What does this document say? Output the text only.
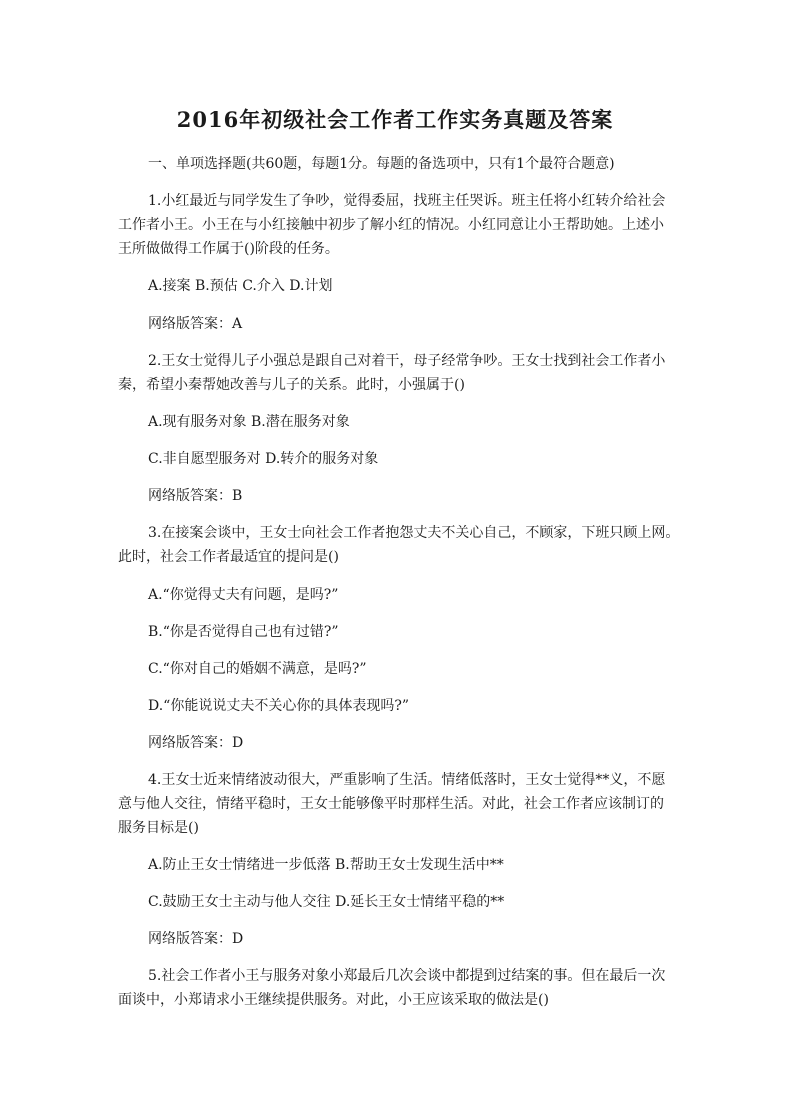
2016年初级社会工作者工作实务真题及答案
一、单项选择题(共60题，每题1分。每题的备选项中，只有1个最符合题意)
1.小红最近与同学发生了争吵，觉得委屈，找班主任哭诉。班主任将小红转介给社会
工作者小王。小王在与小红接触中初步了解小红的情况。小红同意让小王帮助她。上述小
王所做做得工作属于()阶段的任务。
A.接案 B.预估 C.介入 D.计划
网络版答案：A
2.王女士觉得儿子小强总是跟自己对着干，母子经常争吵。王女士找到社会工作者小
秦，希望小秦帮她改善与儿子的关系。此时，小强属于()
A.现有服务对象 B.潜在服务对象
C.非自愿型服务对 D.转介的服务对象
网络版答案：B
3.在接案会谈中，王女士向社会工作者抱怨丈夫不关心自己，不顾家，下班只顾上网。
此时，社会工作者最适宜的提问是()
A.“你觉得丈夫有问题，是吗?”
B.“你是否觉得自己也有过错?”
C.“你对自己的婚姻不满意，是吗?”
D.“你能说说丈夫不关心你的具体表现吗?”
网络版答案：D
4.王女士近来情绪波动很大，严重影响了生活。情绪低落时，王女士觉得**义，不愿
意与他人交往，情绪平稳时，王女士能够像平时那样生活。对此，社会工作者应该制订的
服务目标是()
A.防止王女士情绪进一步低落 B.帮助王女士发现生活中**
C.鼓励王女士主动与他人交往 D.延长王女士情绪平稳的**
网络版答案：D
5.社会工作者小王与服务对象小郑最后几次会谈中都提到过结案的事。但在最后一次
面谈中，小郑请求小王继续提供服务。对此，小王应该采取的做法是()
